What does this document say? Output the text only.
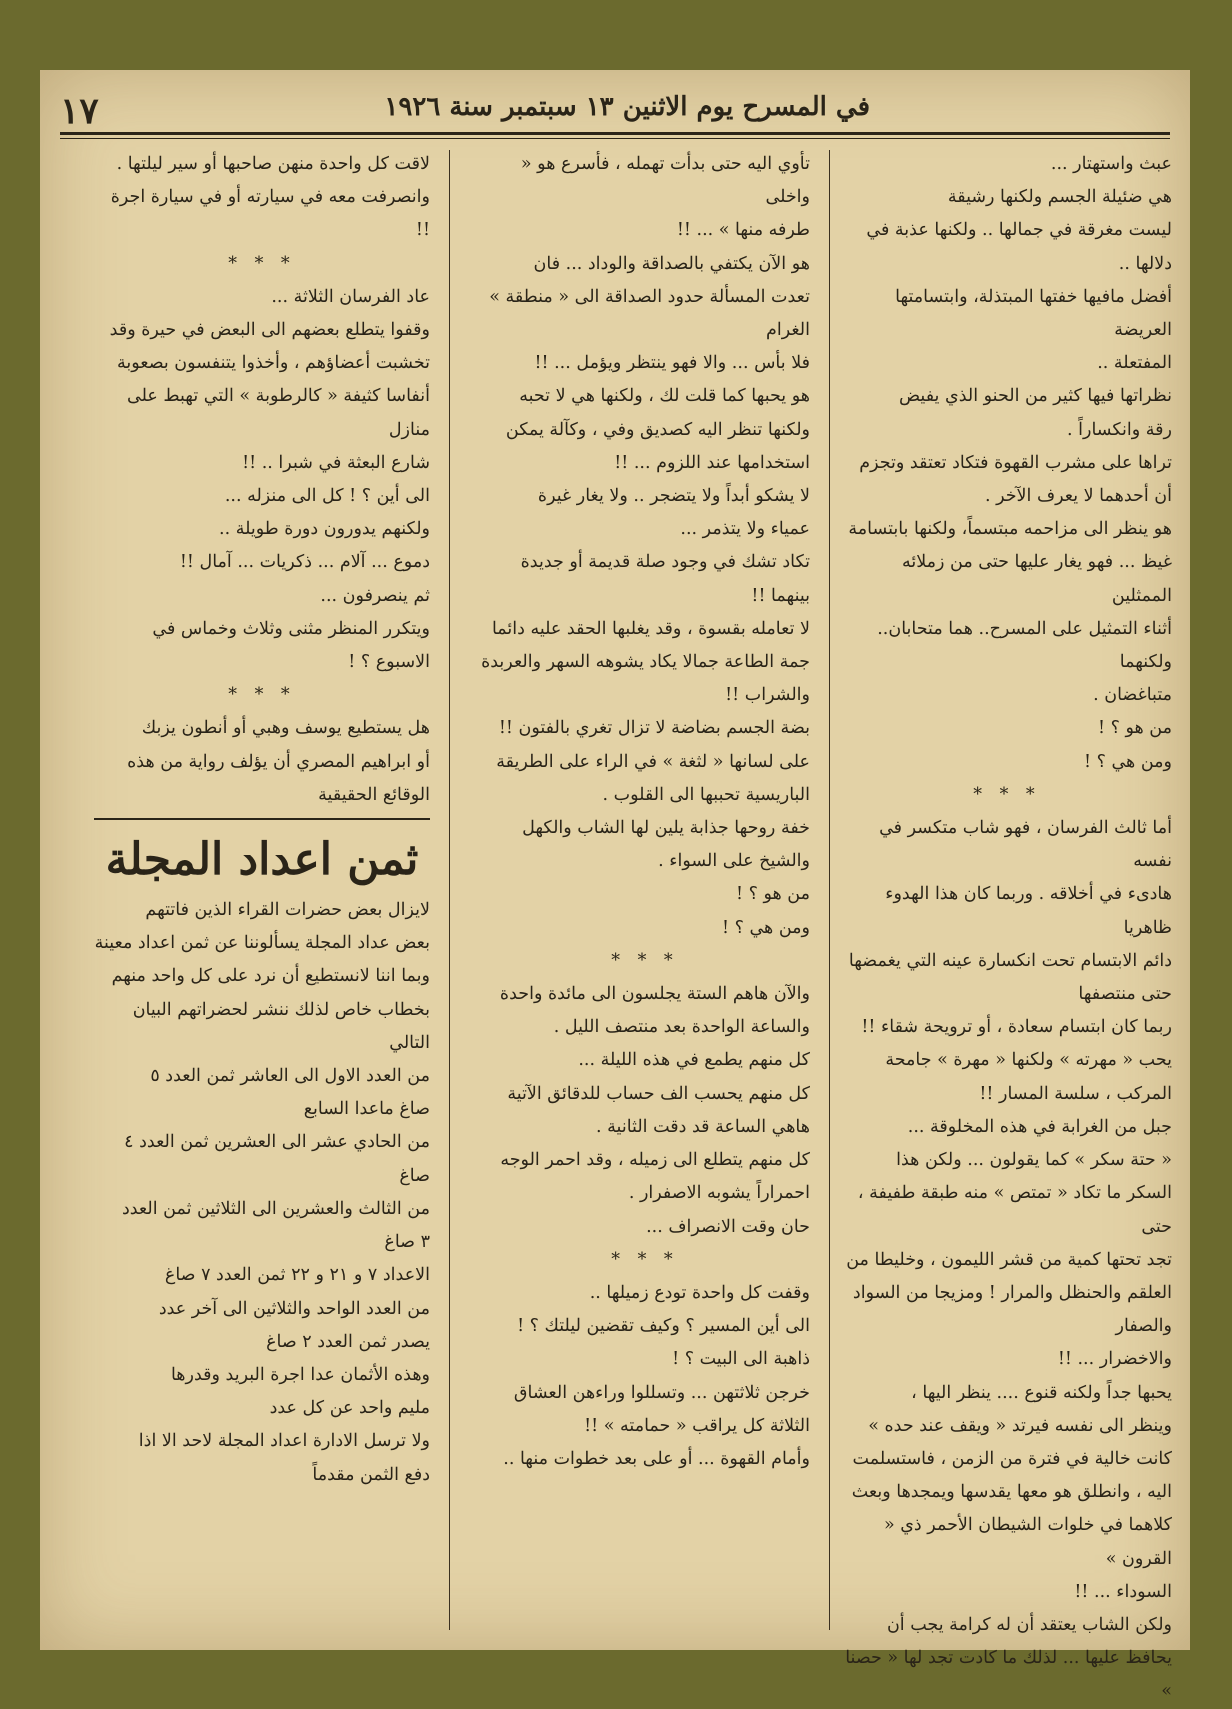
في المسرح يوم الاثنين ١٣ سبتمبر سنة ١٩٢٦
١٧

عبث واستهتار ...

هي ضئيلة الجسم ولكنها رشيقة

ليست مغرقة في جمالها .. ولكنها عذبة في

دلالها ..

أفضل مافيها خفتها المبتذلة، وابتسامتها العريضة

المفتعلة ..

نظراتها فيها كثير من الحنو الذي يفيض

رقة وانكساراً .

تراها على مشرب القهوة فتكاد تعتقد وتجزم

أن أحدهما لا يعرف الآخر .

هو ينظر الى مزاحمه مبتسماً، ولكنها بابتسامة

غيظ ... فهو يغار عليها حتى من زملائه الممثلين

أثناء التمثيل على المسرح.. هما متحابان.. ولكنهما

متباغضان .

من هو ؟ !

ومن هي ؟ !

* * *

أما ثالث الفرسان ، فهو شاب متكسر في نفسه

هادىء في أخلاقه . وربما كان هذا الهدوء ظاهريا

دائم الابتسام تحت انكسارة عينه التي يغمضها

حتى منتصفها

ربما كان ابتسام سعادة ، أو ترويحة شقاء !!

يحب « مهرته » ولكنها « مهرة » جامحة

المركب ، سلسة المسار !!

جبل من الغرابة في هذه المخلوقة ...

« حتة سكر » كما يقولون ... ولكن هذا

السكر ما تكاد « تمتص » منه طبقة طفيفة ، حتى

تجد تحتها كمية من قشر الليمون ، وخليطا من

العلقم والحنظل والمرار ! ومزيجا من السواد والصفار

والاخضرار ... !!

يحبها جداً ولكنه قنوع .... ينظر اليها ،

وينظر الى نفسه فيرتد « ويقف عند حده »

كانت خالية في فترة من الزمن ، فاستسلمت

اليه ، وانطلق هو معها يقدسها ويمجدها وبعث

كلاهما في خلوات الشيطان الأحمر ذي « القرون »

السوداء ... !!

ولكن الشاب يعتقد أن له كرامة يجب أن

يحافظ عليها ... لذلك ما كادت تجد لها « حصنا »

تأوي اليه حتى بدأت تهمله ، فأسرع هو « واخلى

طرفه منها » ... !!

هو الآن يكتفي بالصداقة والوداد ... فان

تعدت المسألة حدود الصداقة الى « منطقة » الغرام

فلا بأس ... والا فهو ينتظر ويؤمل ... !!

هو يحبها كما قلت لك ، ولكنها هي لا تحبه

ولكنها تنظر اليه كصديق وفي ، وكآلة يمكن

استخدامها عند اللزوم ... !!

لا يشكو أبداً ولا يتضجر .. ولا يغار غيرة

عمياء ولا يتذمر ...

تكاد تشك في وجود صلة قديمة أو جديدة

بينهما !!

لا تعامله بقسوة ، وقد يغلبها الحقد عليه دائما

جمة الطاعة جمالا يكاد يشوهه السهر والعربدة

والشراب !!

بضة الجسم بضاضة لا تزال تغري بالفتون !!

على لسانها « لثغة » في الراء على الطريقة

الباريسية تحببها الى القلوب .

خفة روحها جذابة يلين لها الشاب والكهل

والشيخ على السواء .

من هو ؟ !

ومن هي ؟ !

* * *

والآن هاهم الستة يجلسون الى مائدة واحدة

والساعة الواحدة بعد منتصف الليل .

كل منهم يطمع في هذه الليلة ...

كل منهم يحسب الف حساب للدقائق الآتية

هاهي الساعة قد دقت الثانية .

كل منهم يتطلع الى زميله ، وقد احمر الوجه

احمراراً يشوبه الاصفرار .

حان وقت الانصراف ...

* * *

وقفت كل واحدة تودع زميلها ..

الى أين المسير ؟ وكيف تقضين ليلتك ؟ !

ذاهبة الى البيت ؟ !

خرجن ثلاثتهن ... وتسللوا وراءهن العشاق

الثلاثة كل يراقب « حمامته » !!

وأمام القهوة ... أو على بعد خطوات منها ..

لاقت كل واحدة منهن صاحبها أو سير ليلتها .

وانصرفت معه في سيارته أو في سيارة اجرة !!

* * *

عاد الفرسان الثلاثة ...

وقفوا يتطلع بعضهم الى البعض في حيرة وقد

تخشبت أعضاؤهم ، وأخذوا يتنفسون بصعوبة

أنفاسا كثيفة « كالرطوبة » التي تهبط على منازل

شارع البعثة في شبرا .. !!

الى أين ؟ ! كل الى منزله ...

ولكنهم يدورون دورة طويلة ..

دموع ... آلام ... ذكريات ... آمال !!

ثم ينصرفون ...

ويتكرر المنظر مثنى وثلاث وخماس في

الاسبوع ؟ !

* * *

هل يستطيع يوسف وهبي أو أنطون يزبك

أو ابراهيم المصري أن يؤلف رواية من هذه

الوقائع الحقيقية

ثمن اعداد المجلة

لايزال بعض حضرات القراء الذين فاتتهم

بعض عداد المجلة يسألوننا عن ثمن اعداد معينة

وبما اننا لانستطيع أن نرد على كل واحد منهم

بخطاب خاص لذلك ننشر لحضراتهم البيان التالي

من العدد الاول الى العاشر ثمن العدد ٥

صاغ ماعدا السابع

من الحادي عشر الى العشرين ثمن العدد ٤ صاغ

من الثالث والعشرين الى الثلاثين ثمن العدد

٣ صاغ

الاعداد ٧ و ٢١ و ٢٢ ثمن العدد ٧ صاغ

من العدد الواحد والثلاثين الى آخر عدد

يصدر ثمن العدد ٢ صاغ

وهذه الأثمان عدا اجرة البريد وقدرها

مليم واحد عن كل عدد

ولا ترسل الادارة اعداد المجلة لاحد الا اذا

دفع الثمن مقدماً
